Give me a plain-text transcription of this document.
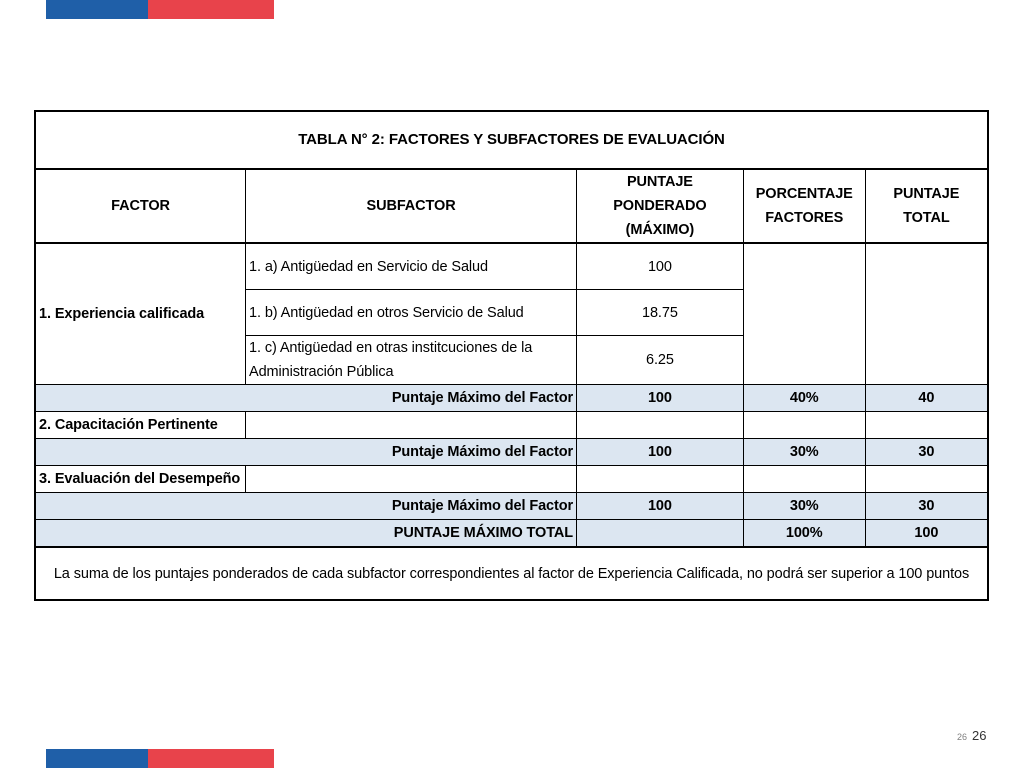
TABLA N° 2: FACTORES Y SUBFACTORES DE EVALUACIÓN				
FACTOR	SUBFACTOR	PUNTAJE PONDERADO (MÁXIMO)	PORCENTAJE FACTORES	PUNTAJE TOTAL
1. Experiencia calificada	1. a) Antigüedad en Servicio de Salud	100		
	1. b) Antigüedad en otros Servicio de Salud	18.75		
	1. c) Antigüedad en otras institcuciones de la Administración Pública	6.25		
Puntaje Máximo del Factor		100	40%	40
2. Capacitación Pertinente				
Puntaje Máximo del Factor		100	30%	30
3. Evaluación del Desempeño				
Puntaje Máximo del Factor		100	30%	30
PUNTAJE MÁXIMO TOTAL			100%	100
La suma de los puntajes ponderados de cada subfactor correspondientes al factor de Experiencia Calificada, no podrá ser superior a 100 puntos				
26 26
